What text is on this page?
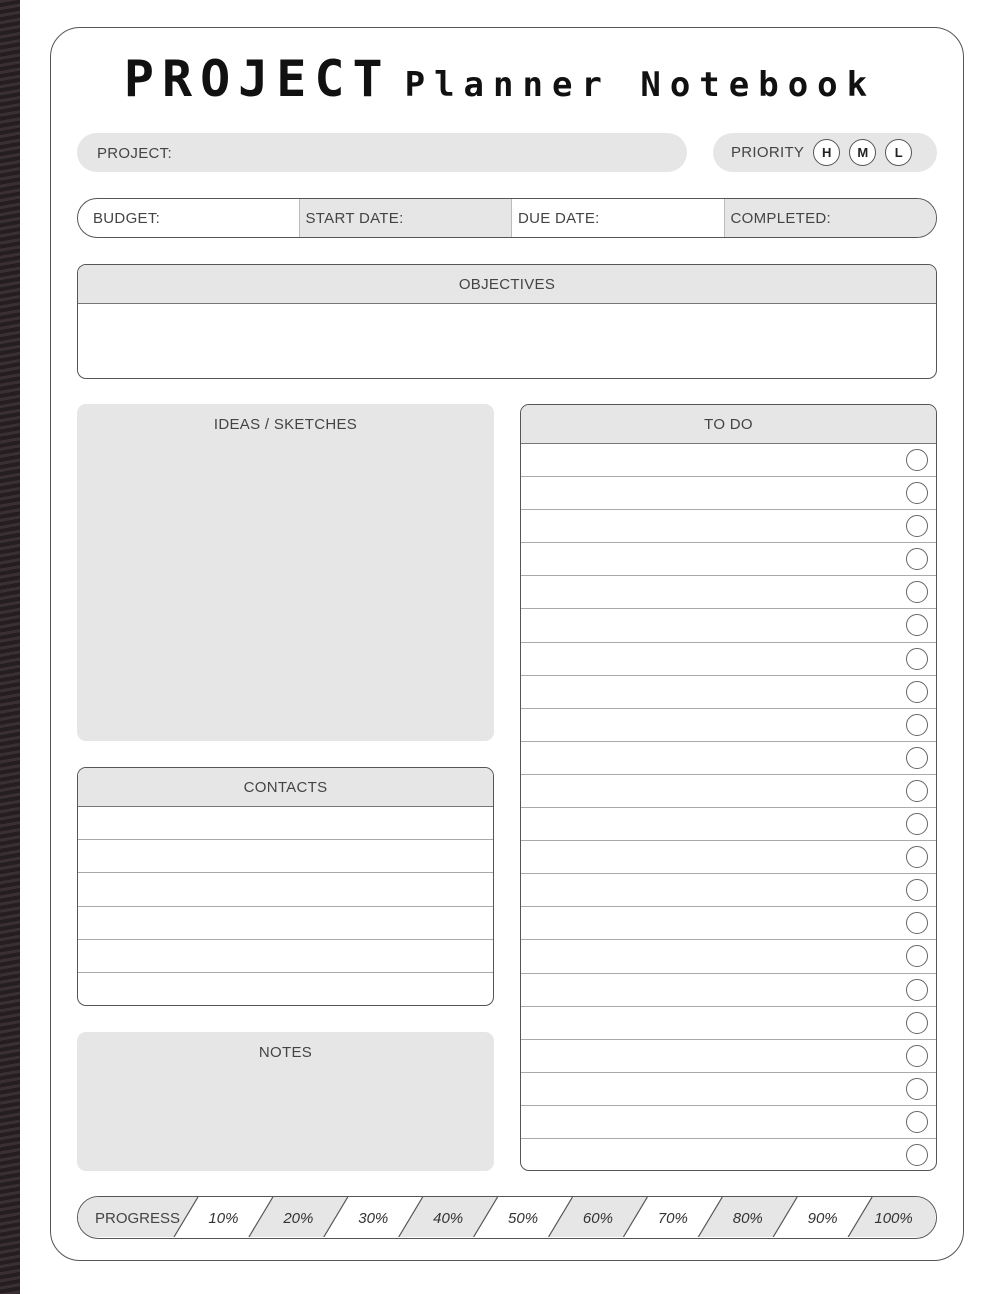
PROJECT Planner Notebook
PROJECT:	PRIORITY	H	M	L
BUDGET:	START DATE:	DUE DATE:	COMPLETED:
OBJECTIVES
IDEAS / SKETCHES
CONTACTS
NOTES
TO DO
PROGRESS 10%	20%	30%	40%	50%	60%	70%	80%	90% 100%
